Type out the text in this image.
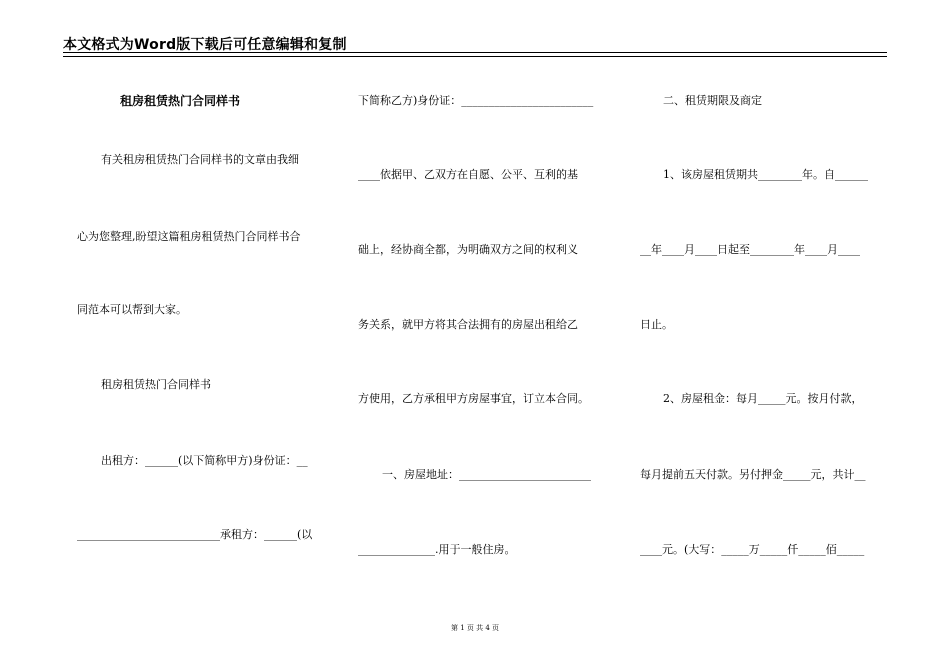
本文格式为Word版下载后可任意编辑和复制
租房租赁热门合同样书
有关租房租赁热门合同样书的文章由我细
心为您整理,盼望这篇租房租赁热门合同样书合
同范本可以帮到大家。
租房租赁热门合同样书
出租方：______(以下简称甲方)身份证：__
__________________________承租方：______(以
下简称乙方)身份证：________________________
____依据甲、乙双方在自愿、公平、互利的基
础上，经协商全都，为明确双方之间的权利义
务关系，就甲方将其合法拥有的房屋出租给乙
方使用，乙方承租甲方房屋事宜，订立本合同。
一、房屋地址：________________________
______________.用于一般住房。
二、租赁期限及商定
1、该房屋租赁期共________年。自______
__年____月____日起至________年____月____
日止。
2、房屋租金：每月_____元。按月付款，
每月提前五天付款。另付押金_____元，共计__
____元。(大写：_____万_____仟_____佰_____
第 1 页 共 4 页
